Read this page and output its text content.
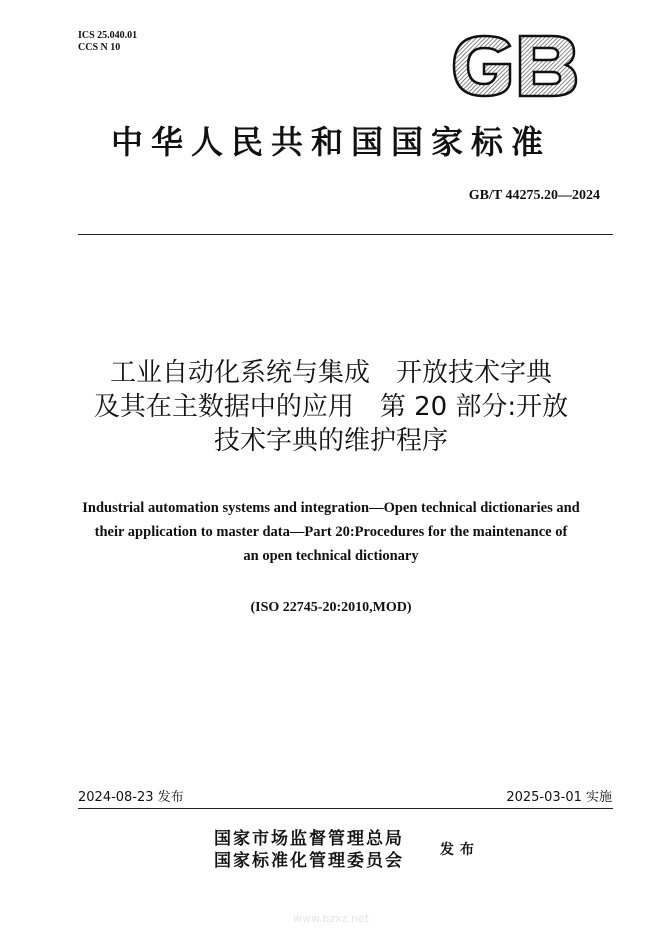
ICS 25.040.01
CCS N 10
中华人民共和国国家标准
GB/T 44275.20—2024
工业自动化系统与集成　开放技术字典
及其在主数据中的应用　第 20 部分:开放
技术字典的维护程序
Industrial automation systems and integration—Open technical dictionaries and
their application to master data—Part 20:Procedures for the maintenance of
an open technical dictionary
(ISO 22745-20:2010,MOD)
2024-08-23 发布	2025-03-01 实施
国家市场监督管理总局
国家标准化管理委员会
发布
www.bzxz.net
